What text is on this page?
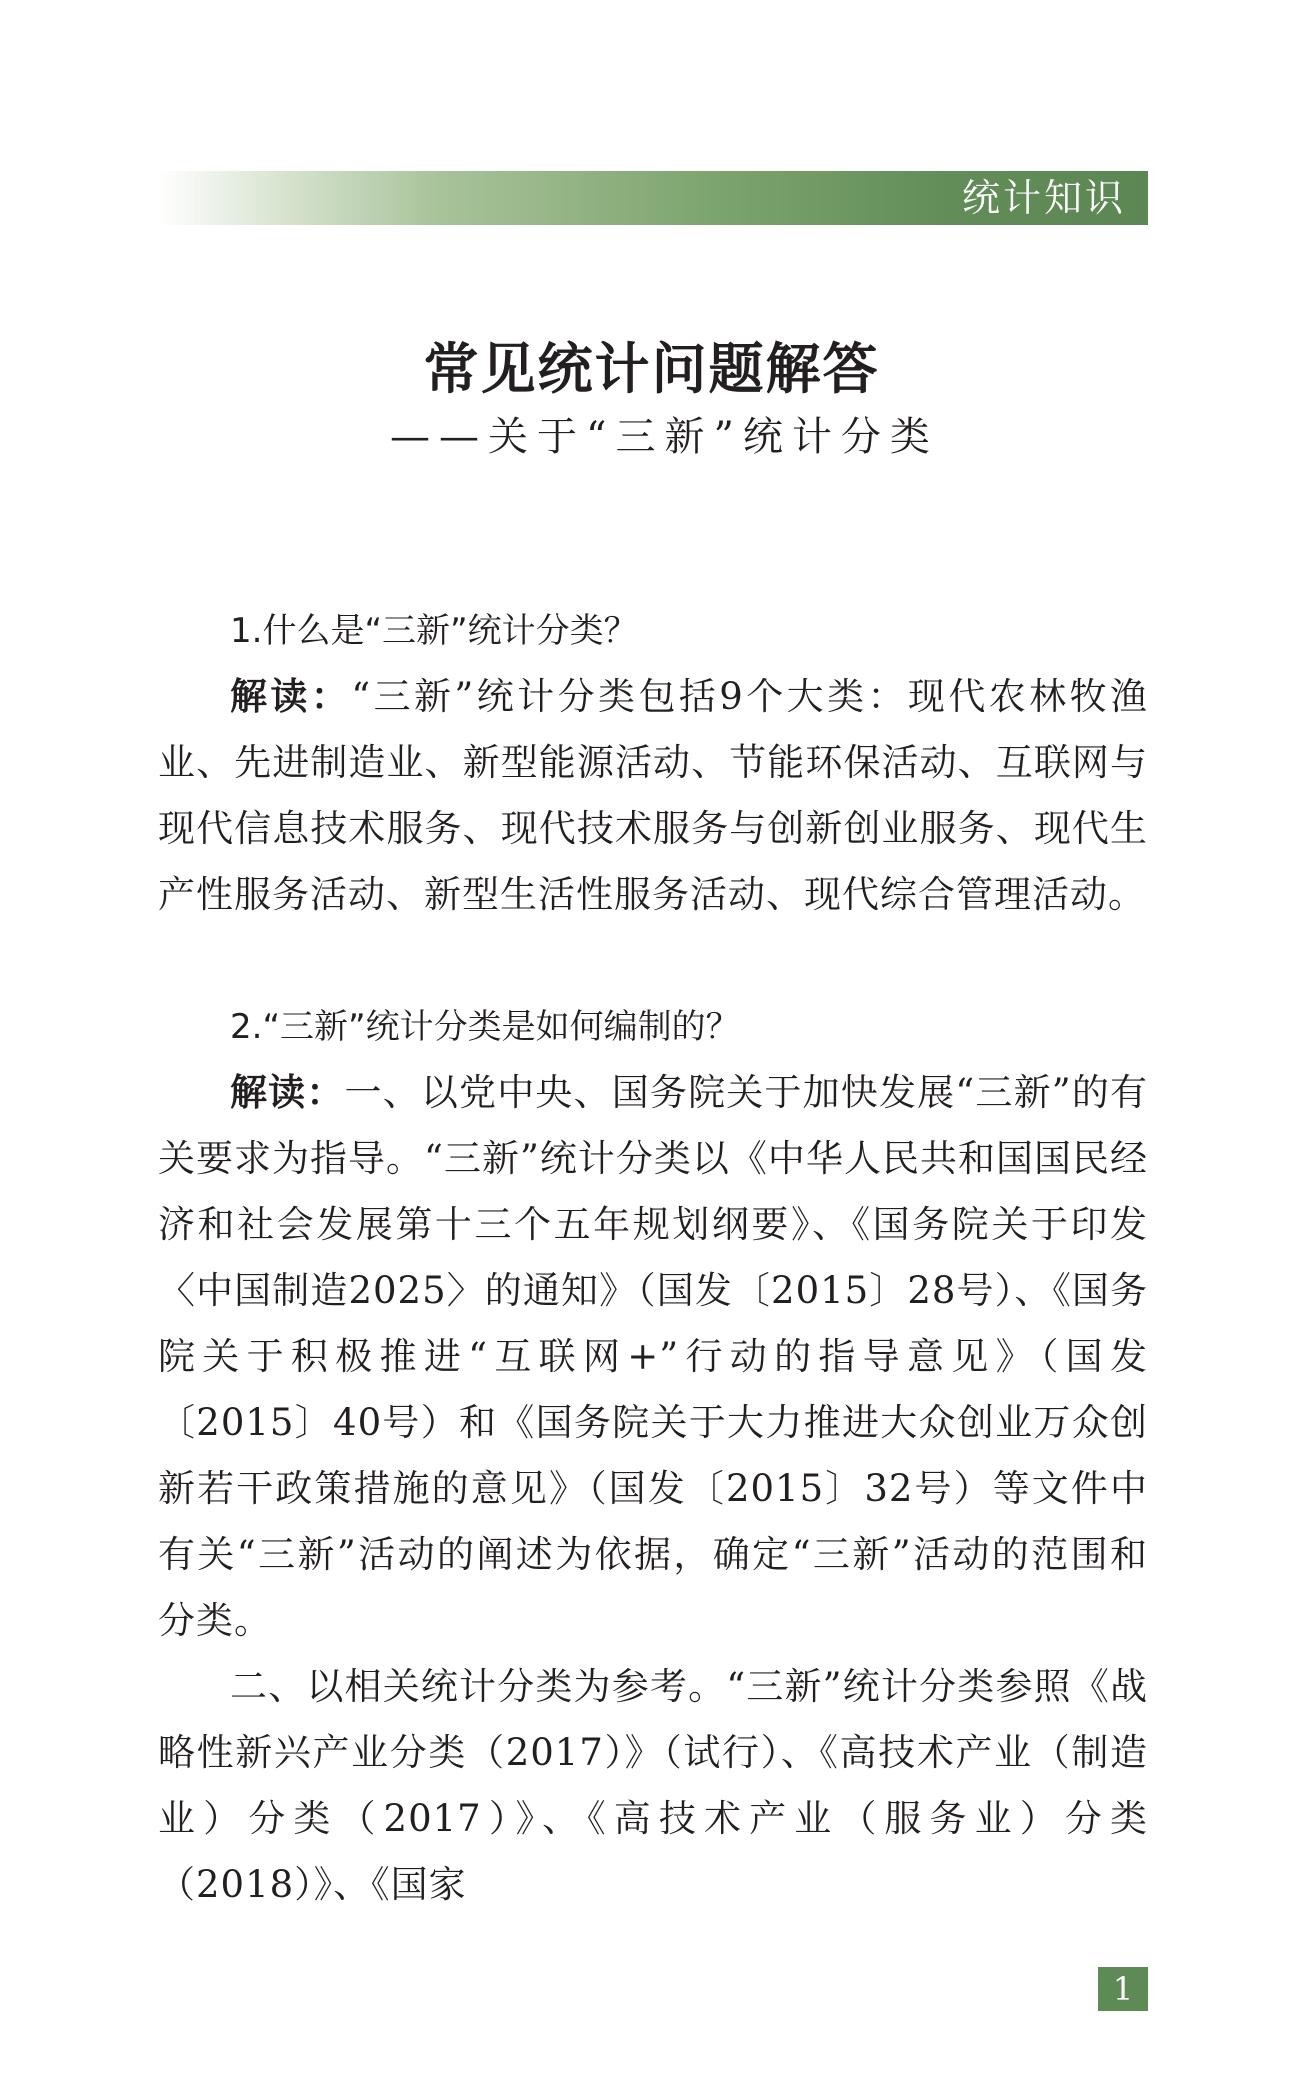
统计知识
常见统计问题解答
——关于“三新”统计分类

1.什么是“三新”统计分类？

解读：“三新”统计分类包括9个大类：现代农林牧渔业、先进制造业、新型能源活动、节能环保活动、互联网与现代信息技术服务、现代技术服务与创新创业服务、现代生产性服务活动、新型生活性服务活动、现代综合管理活动。

2.“三新”统计分类是如何编制的？

解读：一、以党中央、国务院关于加快发展“三新”的有关要求为指导。“三新”统计分类以《中华人民共和国国民经济和社会发展第十三个五年规划纲要》、《国务院关于印发〈中国制造2025〉的通知》（国发〔2015〕28号）、《国务院关于积极推进“互联网+”行动的指导意见》（国发〔2015〕40号）和《国务院关于大力推进大众创业万众创新若干政策措施的意见》（国发〔2015〕32号）等文件中有关“三新”活动的阐述为依据，确定“三新”活动的范围和分类。

二、以相关统计分类为参考。“三新”统计分类参照《战略性新兴产业分类（2017）》（试行）、《高技术产业（制造业）分类（2017）》、《高技术产业（服务业）分类（2018）》、《国家

1
